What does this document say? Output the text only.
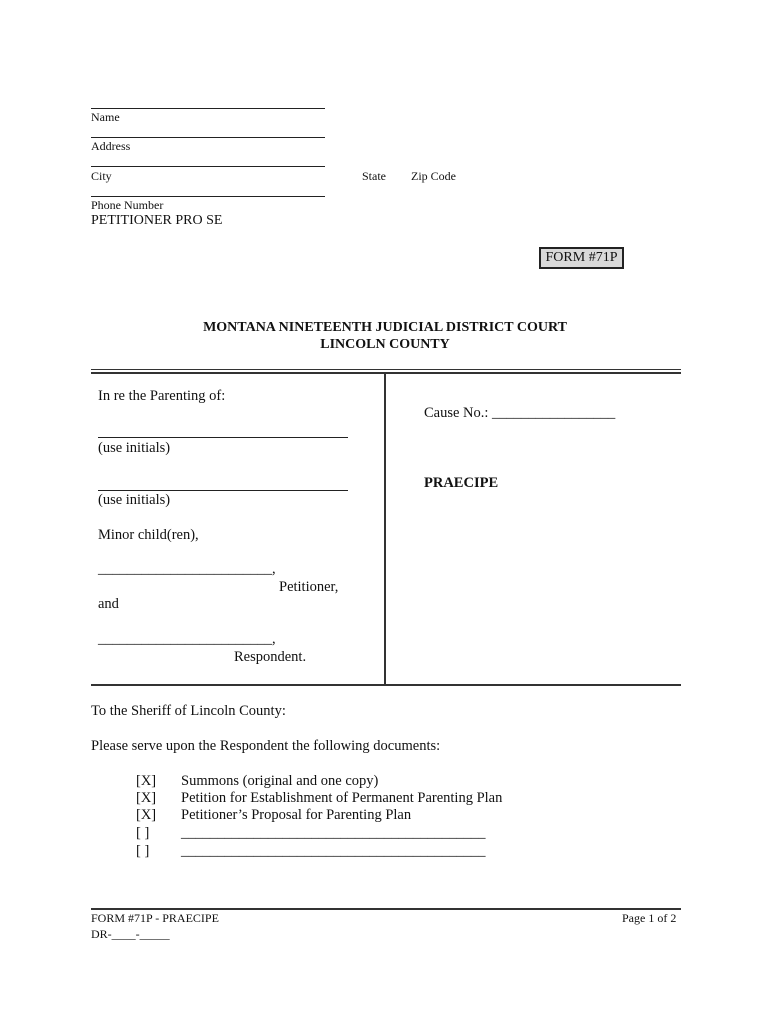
Name
Address
City	State Zip Code
Phone Number
PETITIONER PRO SE
FORM #71P
MONTANA NINETEENTH JUDICIAL DISTRICT COURT
LINCOLN COUNTY
In re the Parenting of:
(use initials)
(use initials)
Minor child(ren),
________________________,
Petitioner,
and
________________________,
Respondent.
Cause No.: _________________
PRAECIPE
To the Sheriff of Lincoln County:
Please serve upon the Respondent the following documents:
[X]	Summons (original and one copy)
[X]	Petition for Establishment of Permanent Parenting Plan
[X]	Petitioner’s Proposal for Parenting Plan
[ ]	__________________________________________
[ ]	__________________________________________
FORM #71P - PRAECIPE
DR-____-_____
Page 1 of 2
